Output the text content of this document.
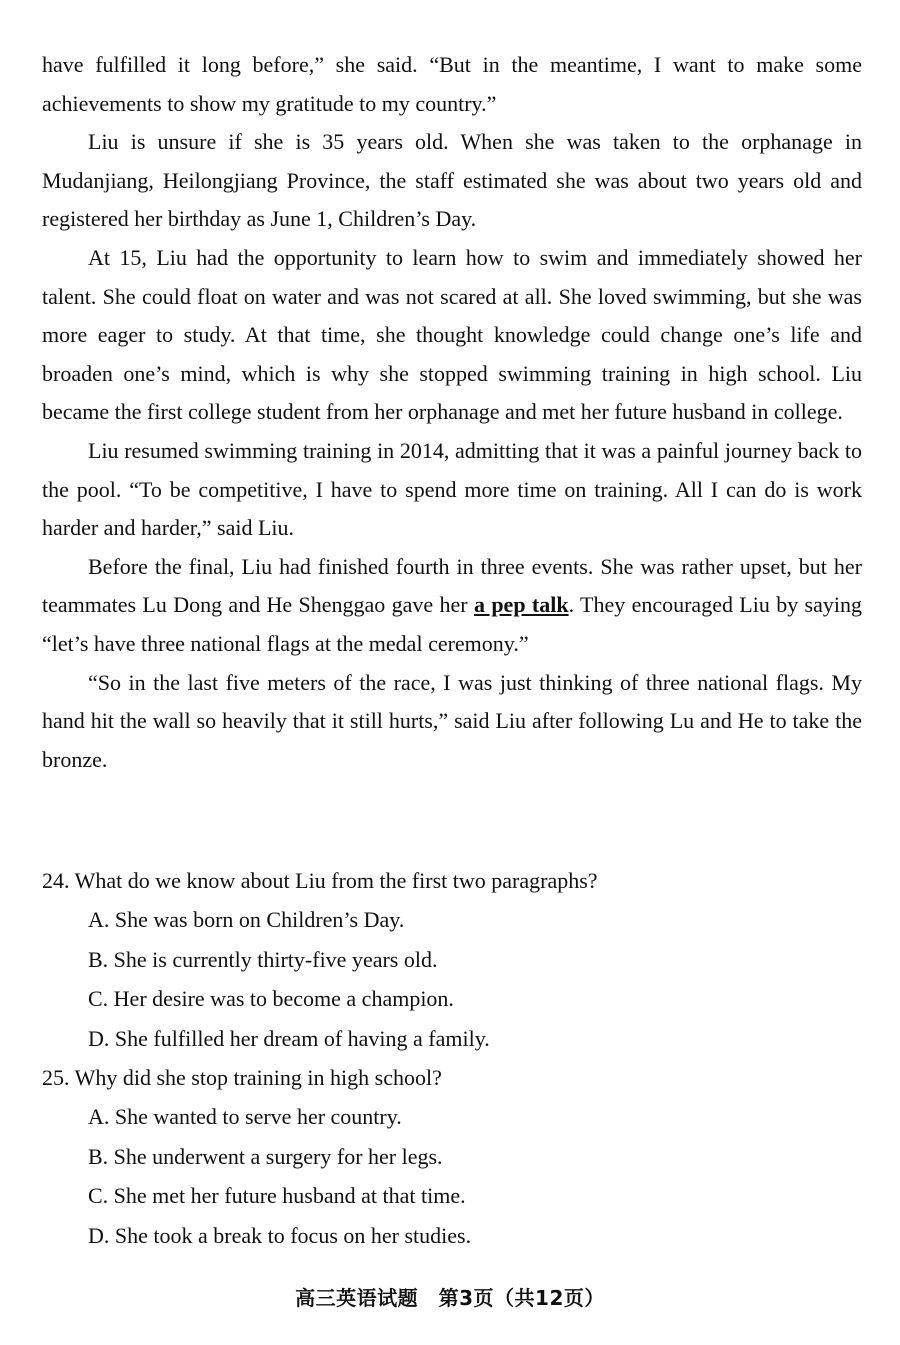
have fulfilled it long before,” she said. “But in the meantime, I want to make some achievements to show my gratitude to my country.”

Liu is unsure if she is 35 years old. When she was taken to the orphanage in Mudanjiang, Heilongjiang Province, the staff estimated she was about two years old and registered her birthday as June 1, Children’s Day.

At 15, Liu had the opportunity to learn how to swim and immediately showed her talent. She could float on water and was not scared at all. She loved swimming, but she was more eager to study. At that time, she thought knowledge could change one’s life and broaden one’s mind, which is why she stopped swimming training in high school. Liu became the first college student from her orphanage and met her future husband in college.

Liu resumed swimming training in 2014, admitting that it was a painful journey back to the pool. “To be competitive, I have to spend more time on training. All I can do is work harder and harder,” said Liu.

Before the final, Liu had finished fourth in three events. She was rather upset, but her teammates Lu Dong and He Shenggao gave her a pep talk. They encouraged Liu by saying “let’s have three national flags at the medal ceremony.”

“So in the last five meters of the race, I was just thinking of three national flags. My hand hit the wall so heavily that it still hurts,” said Liu after following Lu and He to take the bronze.

24. What do we know about Liu from the first two paragraphs?

A. She was born on Children’s Day.

B. She is currently thirty-five years old.

C. Her desire was to become a champion.

D. She fulfilled her dream of having a family.

25. Why did she stop training in high school?

A. She wanted to serve her country.

B. She underwent a surgery for her legs.

C. She met her future husband at that time.

D. She took a break to focus on her studies.

高三英语试题　第3页（共12页）
